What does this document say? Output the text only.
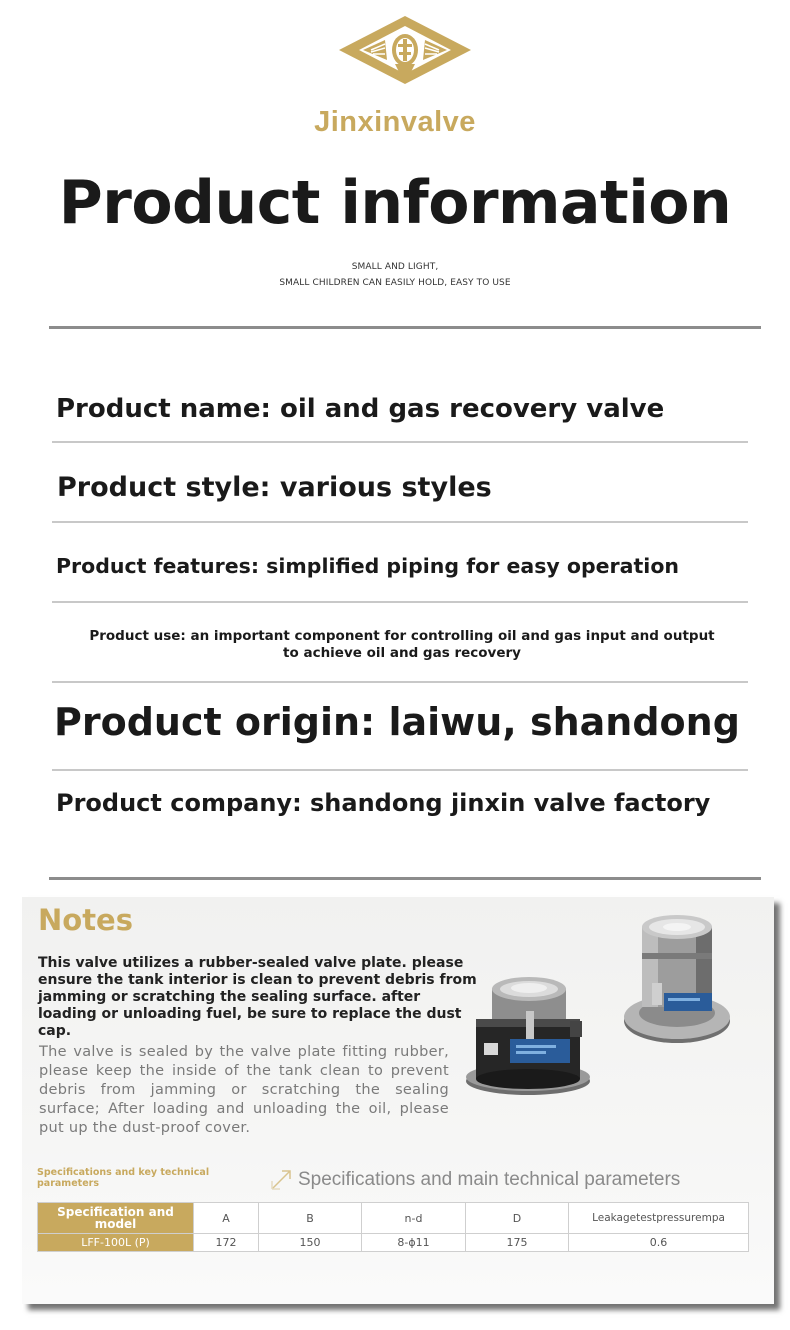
Jinxinvalve
Product information
SMALL AND LIGHT,
SMALL CHILDREN CAN EASILY HOLD, EASY TO USE
Product name: oil and gas recovery valve
Product style: various styles
Product features: simplified piping for easy operation
Product use: an important component for controlling oil and gas input and output
to achieve oil and gas recovery
Product origin: laiwu, shandong
Product company: shandong jinxin valve factory
Notes
This valve utilizes a rubber-sealed valve plate. please ensure the tank interior is clean to prevent debris from jamming or scratching the sealing surface. after loading or unloading fuel, be sure to replace the dust cap.
The valve is sealed by the valve plate fitting rubber, please keep the inside of the tank clean to prevent debris from jamming or scratching the sealing surface; After loading and unloading the oil, please put up the dust-proof cover.
Specifications and key technical parameters	Specifications and main technical parameters
Specification and model	A	B	n-d	D	Leakagetestpressurempa
LFF-100L (P)	172	150	8-ϕ11	175	0.6
